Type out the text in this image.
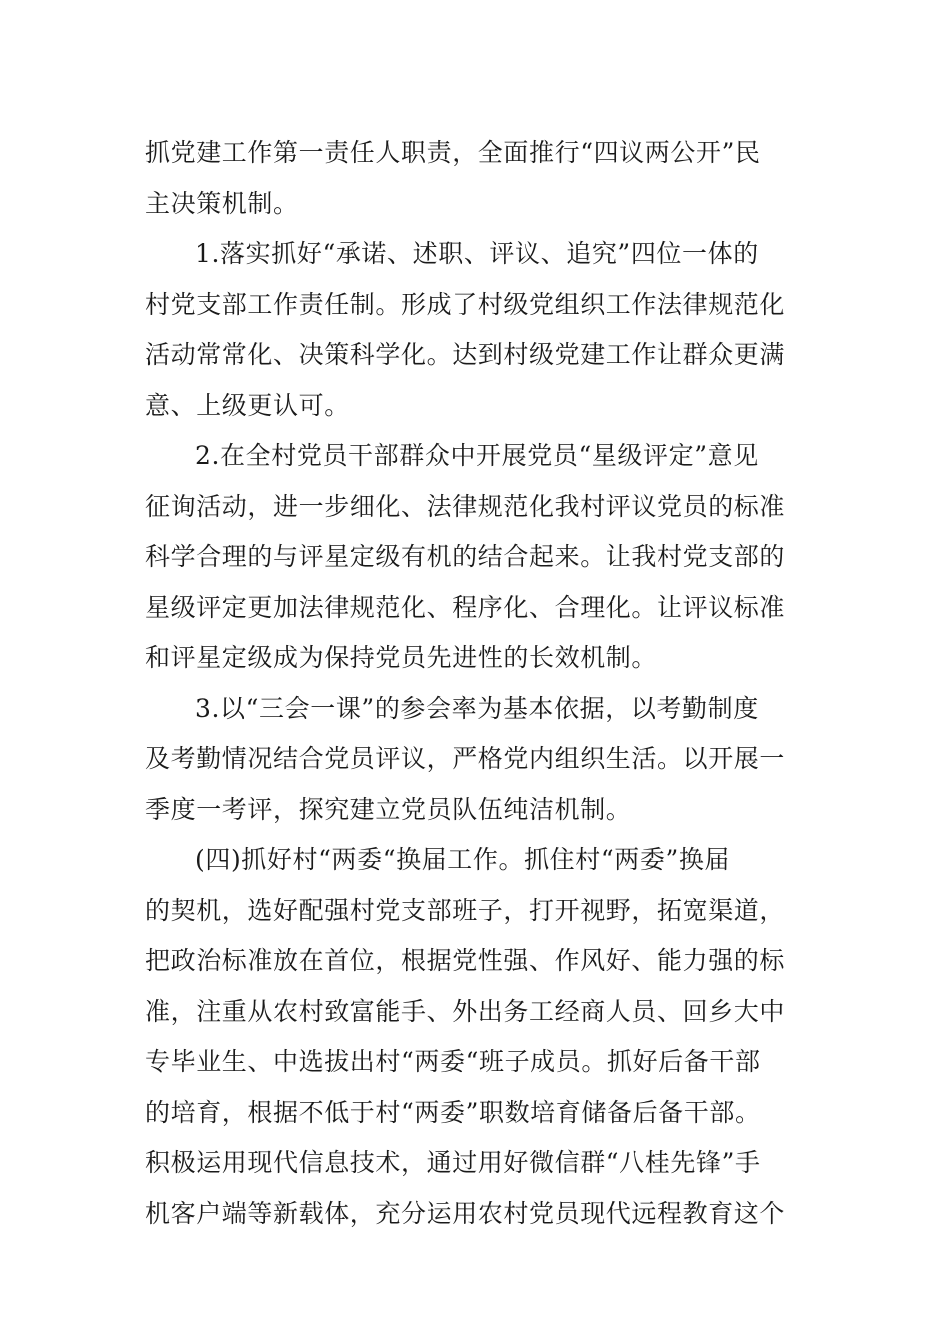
抓党建工作第一责任人职责，全面推行“四议两公开”民
主决策机制。
1.落实抓好“承诺、述职、评议、追究”四位一体的
村党支部工作责任制。形成了村级党组织工作法律规范化
活动常常化、决策科学化。达到村级党建工作让群众更满
意、上级更认可。
2.在全村党员干部群众中开展党员“星级评定”意见
征询活动，进一步细化、法律规范化我村评议党员的标准
科学合理的与评星定级有机的结合起来。让我村党支部的
星级评定更加法律规范化、程序化、合理化。让评议标准
和评星定级成为保持党员先进性的长效机制。
3.以“三会一课”的参会率为基本依据，以考勤制度
及考勤情况结合党员评议，严格党内组织生活。以开展一
季度一考评，探究建立党员队伍纯洁机制。
(四)抓好村“两委“换届工作。抓住村“两委”换届
的契机，选好配强村党支部班子，打开视野，拓宽渠道，
把政治标准放在首位，根据党性强、作风好、能力强的标
准，注重从农村致富能手、外出务工经商人员、回乡大中
专毕业生、中选拔出村“两委“班子成员。抓好后备干部
的培育，根据不低于村“两委”职数培育储备后备干部。
积极运用现代信息技术，通过用好微信群“八桂先锋”手
机客户端等新载体，充分运用农村党员现代远程教育这个
